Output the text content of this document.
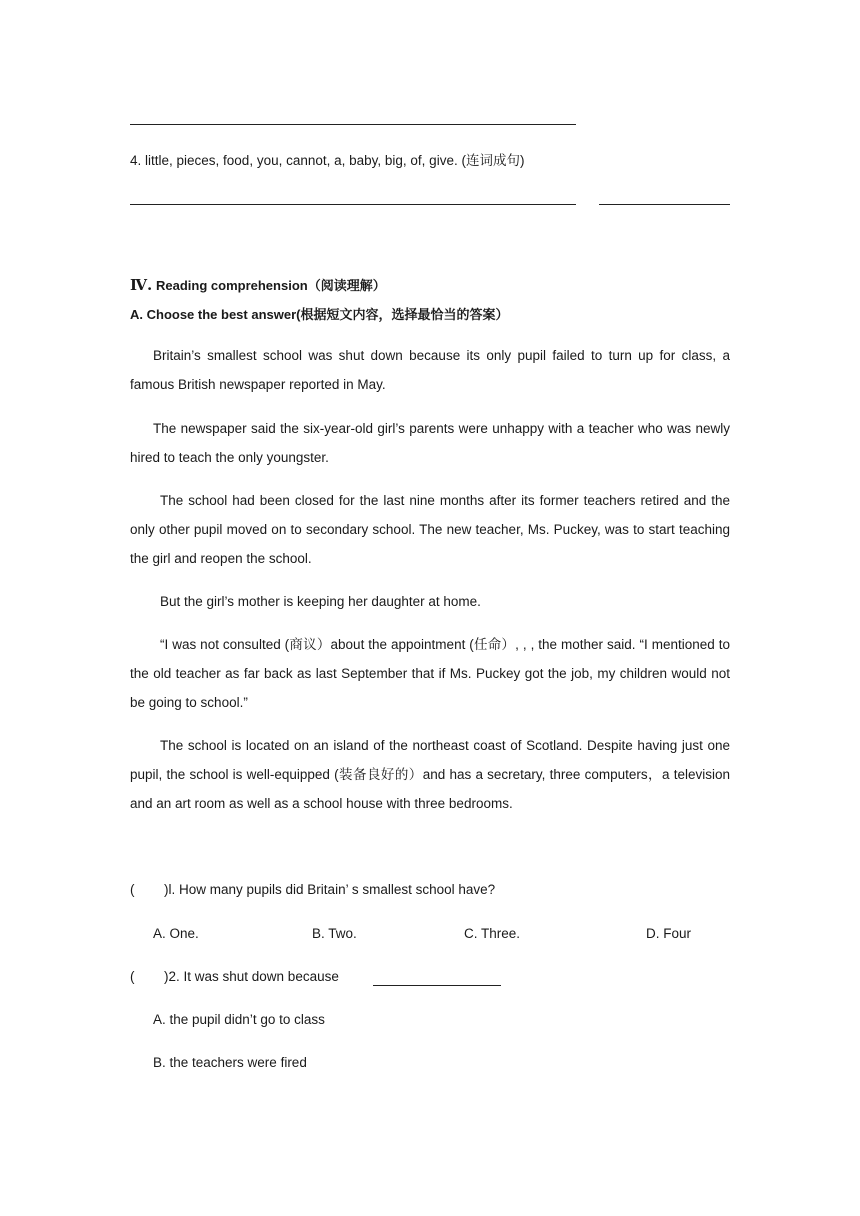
4. little, pieces, food, you, cannot, a, baby, big, of, give. (连词成句)
Ⅳ. Reading comprehension（阅读理解）
A. Choose the best answer(根据短文内容，选择最恰当的答案）
Britain’s smallest school was shut down because its only pupil failed to turn up for class, a famous British newspaper reported in May.
The newspaper said the six-year-old girl’s parents were unhappy with a teacher who was newly hired to teach the only youngster.
The school had been closed for the last nine months after its former teachers retired and the only other pupil moved on to secondary school. The new teacher, Ms. Puckey, was to start teaching the girl and reopen the school.
But the girl’s mother is keeping her daughter at home.
“I was not consulted (商议）about the appointment (任命）, , , the mother said. “I mentioned to the old teacher as far back as last September that if Ms. Puckey got the job, my children would not be going to school.”
The school is located on an island of the northeast coast of Scotland. Despite having just one pupil, the school is well-equipped (装备良好的）and has a secretary, three computers，a television and an art room as well as a school house with three bedrooms.
( )l. How many pupils did Britain’ s smallest school have?
A. One.	B. Two.	C. Three.	D. Four
( )2. It was shut down because
A. the pupil didn’t go to class
B. the teachers were fired
